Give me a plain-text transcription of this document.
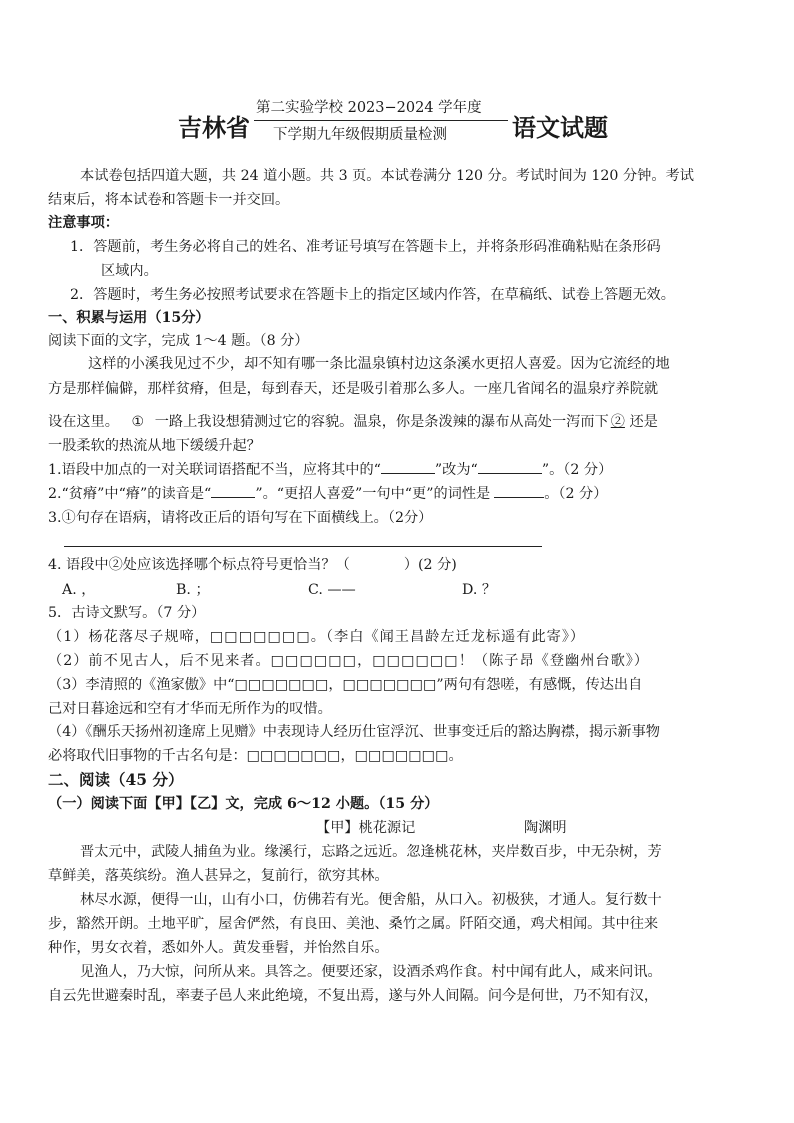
吉林省
第二实验学校 2023−2024 学年度
下学期九年级假期质量检测	语文试题
本试卷包括四道大题，共 24 道小题。共 3 页。本试卷满分 120 分。考试时间为 120 分钟。考试
结束后，将本试卷和答题卡一并交回。
注意事项：
1．答题前，考生务必将自己的姓名、准考证号填写在答题卡上，并将条形码准确粘贴在条形码
区域内。
2．答题时，考生务必按照考试要求在答题卡上的指定区域内作答，在草稿纸、试卷上答题无效。
一、积累与运用（15分）
阅读下面的文字，完成 1～4 题。（8 分）
这样的小溪我见过不少，却不知有哪一条比温泉镇村边这条溪水更招人喜爱。因为它流经的地
方是那样偏僻，那样贫瘠，但是，每到春天，还是吸引着那么多人。一座几省闻名的温泉疗养院就
设在这里。 ① 一路上我设想猜测过它的容貌。温泉，你是条泼辣的瀑布从高处一泻而下 ② 还是
一股柔软的热流从地下缓缓升起？
1.语段中加点的一对关联词语搭配不当，应将其中的“	”改为“	”。（2 分）
2.“贫瘠”中“瘠”的读音是“	”。“更招人喜爱”一句中“更”的词性是	。（2 分）
3.①句存在语病，请将改正后的语句写在下面横线上。（2分）
4. 语段中②处应该选择哪个标点符号更恰当？（	）(2 分)
A. ，	B. ；	C. ——	D. ？
5．古诗文默写。（7 分）
（1）杨花落尽子规啼，□□□□□□□。（李白《闻王昌龄左迁龙标遥有此寄》）
（2）前不见古人，后不见来者。□□□□□□，□□□□□□！（陈子昂《登幽州台歌》）
（3）李清照的《渔家傲》中“□□□□□□□，□□□□□□□”两句有怨嗟，有感慨，传达出自
己对日暮途远和空有才华而无所作为的叹惜。
（4）《酬乐天扬州初逢席上见赠》中表现诗人经历仕宦浮沉、世事变迁后的豁达胸襟，揭示新事物
必将取代旧事物的千古名句是：□□□□□□□，□□□□□□□。
二、阅读（45 分）
（一）阅读下面【甲】【乙】文，完成 6～12 小题。（15 分）
【甲】桃花源记	陶渊明
晋太元中，武陵人捕鱼为业。缘溪行，忘路之远近。忽逢桃花林，夹岸数百步，中无杂树，芳
草鲜美，落英缤纷。渔人甚异之，复前行，欲穷其林。
林尽水源，便得一山，山有小口，仿佛若有光。便舍船，从口入。初极狭，才通人。复行数十
步，豁然开朗。土地平旷，屋舍俨然，有良田、美池、桑竹之属。阡陌交通，鸡犬相闻。其中往来
种作，男女衣着，悉如外人。黄发垂髫，并怡然自乐。
见渔人，乃大惊，问所从来。具答之。便要还家，设酒杀鸡作食。村中闻有此人，咸来问讯。
自云先世避秦时乱，率妻子邑人来此绝境，不复出焉，遂与外人间隔。问今是何世，乃不知有汉，
